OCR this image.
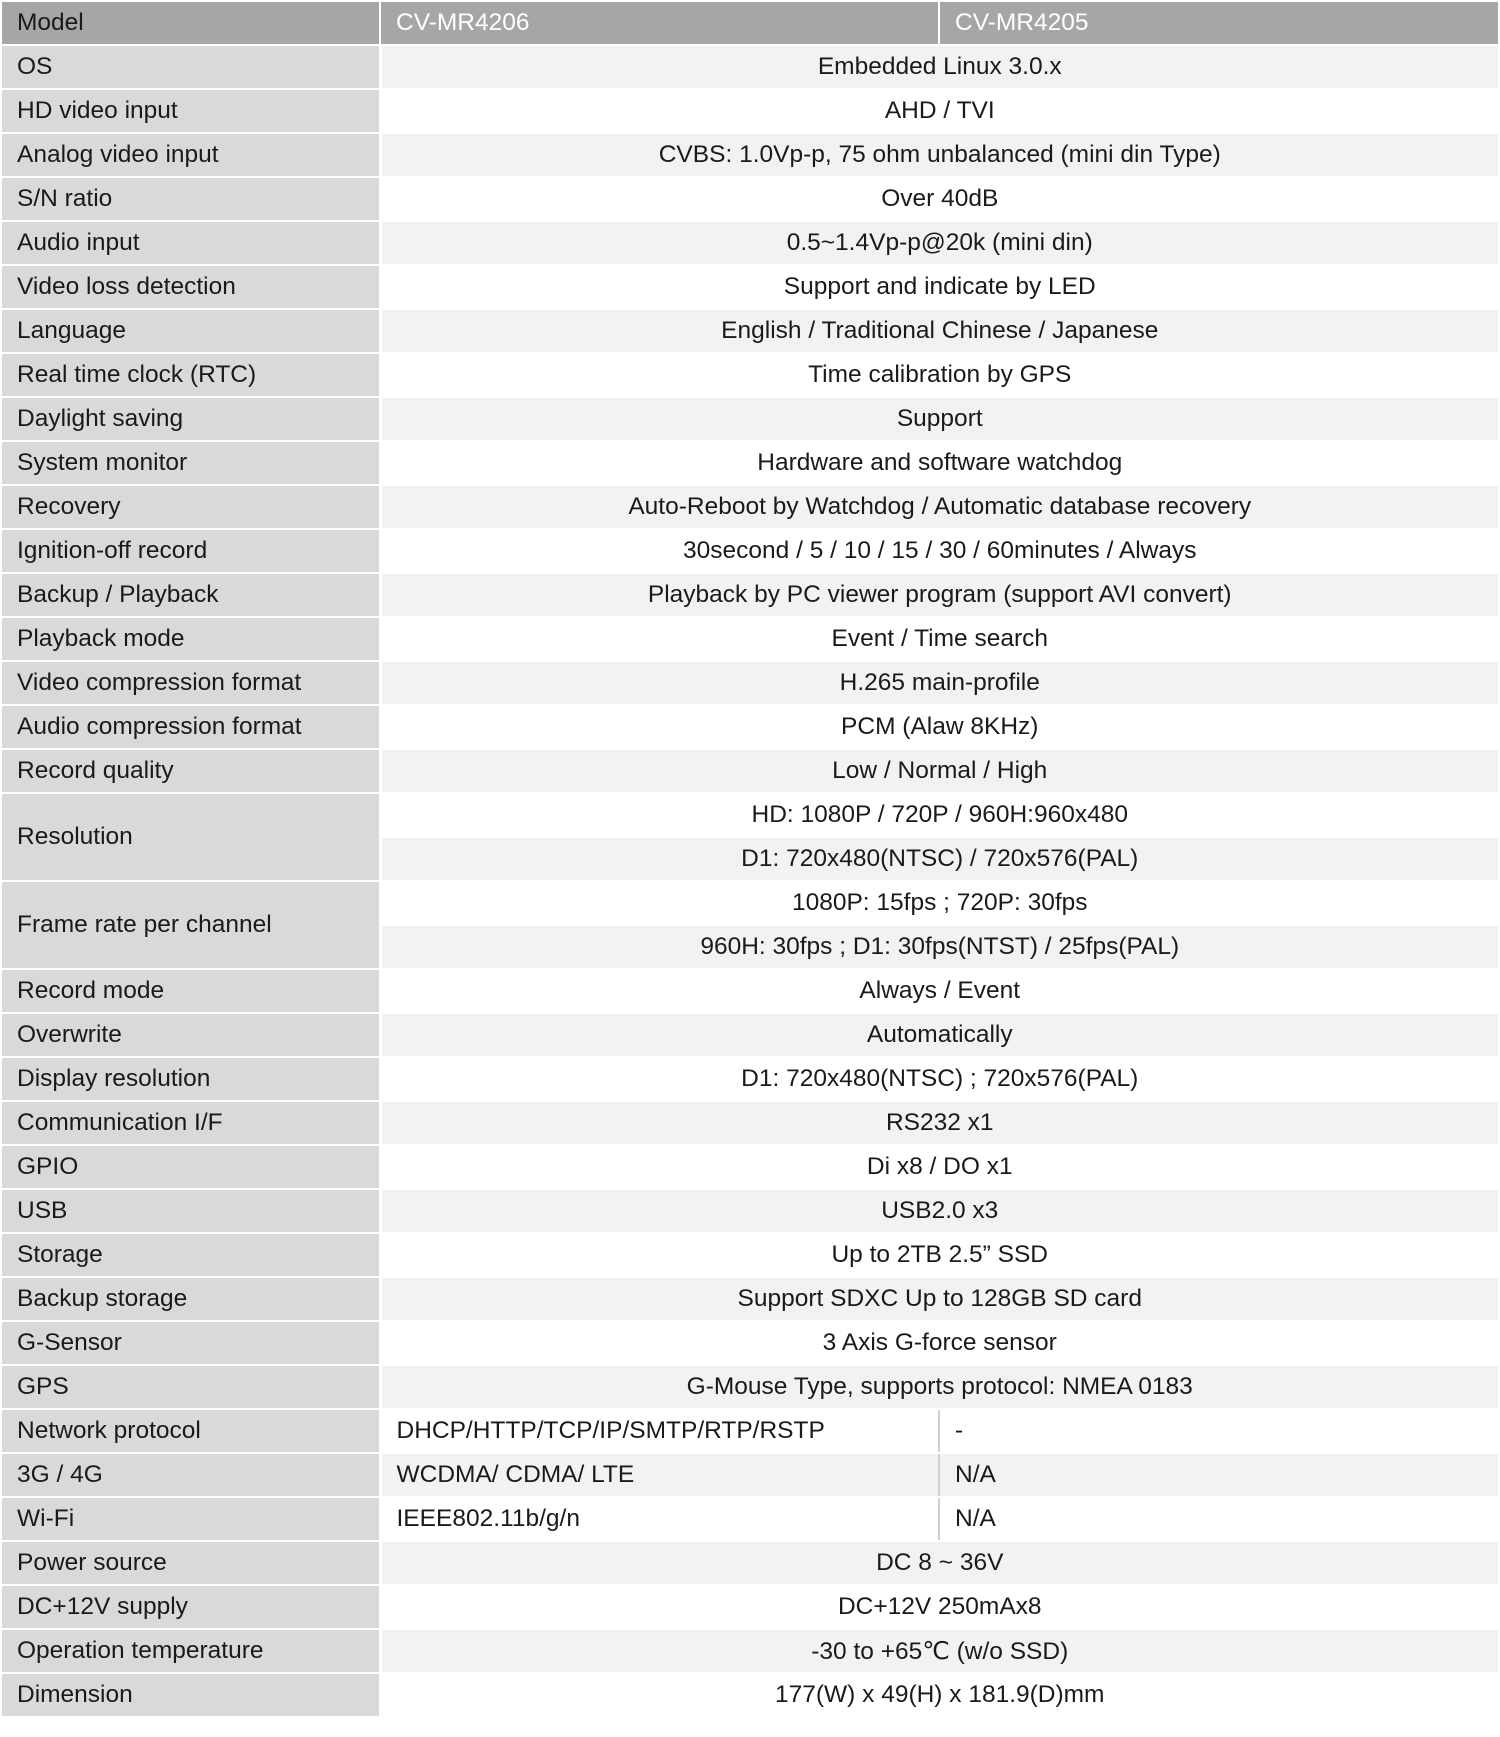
Model	CV-MR4206	CV-MR4205
OS	Embedded Linux 3.0.x	
HD video input	AHD / TVI	
Analog video input	CVBS: 1.0Vp-p, 75 ohm unbalanced (mini din Type)	
S/N ratio	Over 40dB	
Audio input	0.5~1.4Vp-p@20k (mini din)	
Video loss detection	Support and indicate by LED	
Language	English / Traditional Chinese / Japanese	
Real time clock (RTC)	Time calibration by GPS	
Daylight saving	Support	
System monitor	Hardware and software watchdog	
Recovery	Auto-Reboot by Watchdog / Automatic database recovery	
Ignition-off record	30second / 5 / 10 / 15 / 30 / 60minutes / Always	
Backup / Playback	Playback by PC viewer program (support AVI convert)	
Playback mode	Event / Time search	
Video compression format	H.265 main-profile	
Audio compression format	PCM (Alaw 8KHz)	
Record quality	Low / Normal / High	
Resolution	HD: 1080P / 720P / 960H:960x480	
	D1: 720x480(NTSC) / 720x576(PAL)	
Frame rate per channel	1080P: 15fps ; 720P: 30fps	
	960H: 30fps ; D1: 30fps(NTST) / 25fps(PAL)	
Record mode	Always / Event	
Overwrite	Automatically	
Display resolution	D1: 720x480(NTSC) ; 720x576(PAL)	
Communication I/F	RS232 x1	
GPIO	Di x8 / DO x1	
USB	USB2.0 x3	
Storage	Up to 2TB 2.5” SSD	
Backup storage	Support SDXC Up to 128GB SD card	
G-Sensor	3 Axis G-force sensor	
GPS	G-Mouse Type, supports protocol: NMEA 0183	
Network protocol	DHCP/HTTP/TCP/IP/SMTP/RTP/RSTP	-
3G / 4G	WCDMA/ CDMA/ LTE	N/A
Wi-Fi	IEEE802.11b/g/n	N/A
Power source	DC 8 ~ 36V	
DC+12V supply	DC+12V 250mAx8	
Operation temperature	-30 to +65℃ (w/o SSD)	
Dimension	177(W) x 49(H) x 181.9(D)mm	
